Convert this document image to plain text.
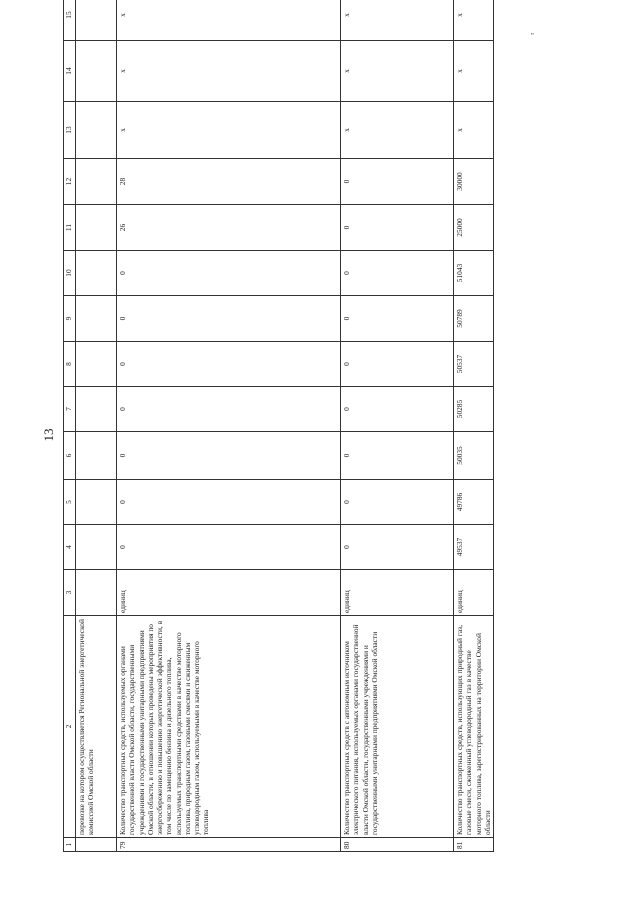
13
"
1	2	3	4	5	6	7	8	9	10	11	12	13	14	15
	перевозке на котором осуществляется Региональной энергетической комиссией Омской области													
79	Количество транспортных средств, используемых органами государственной власти Омской области, государственными учреждениями и государственными унитарными предприятиями Омской области, в отношении которых проведены мероприятия по энергосбережению и повышению энергетической эффективности, в том числе по замещению бензина и дизельного топлива, используемых транспортными средствами в качестве моторного топлива, природным газом, газовыми смесями и сжиженным углеводородным газом, используемыми в качестве моторного топлива	единиц	0	0	0	0	0	0	0	26	28	x	x	x
80	Количество транспортных средств с автономным источником электрического питания, используемых органами государственной власти Омской области, государственными учреждениями и государственными унитарными предприятиями Омской области	единиц	0	0	0	0	0	0	0	0	0	x	x	x
81	Количество транспортных средств, использующих природный газ, газовые смеси, сжиженный углеводородный газ в качестве моторного топлива, зарегистрированных на территории Омской области	единиц	49537	49786	50035	50285	50537	50789	51043	25000	30000	x	x	x
